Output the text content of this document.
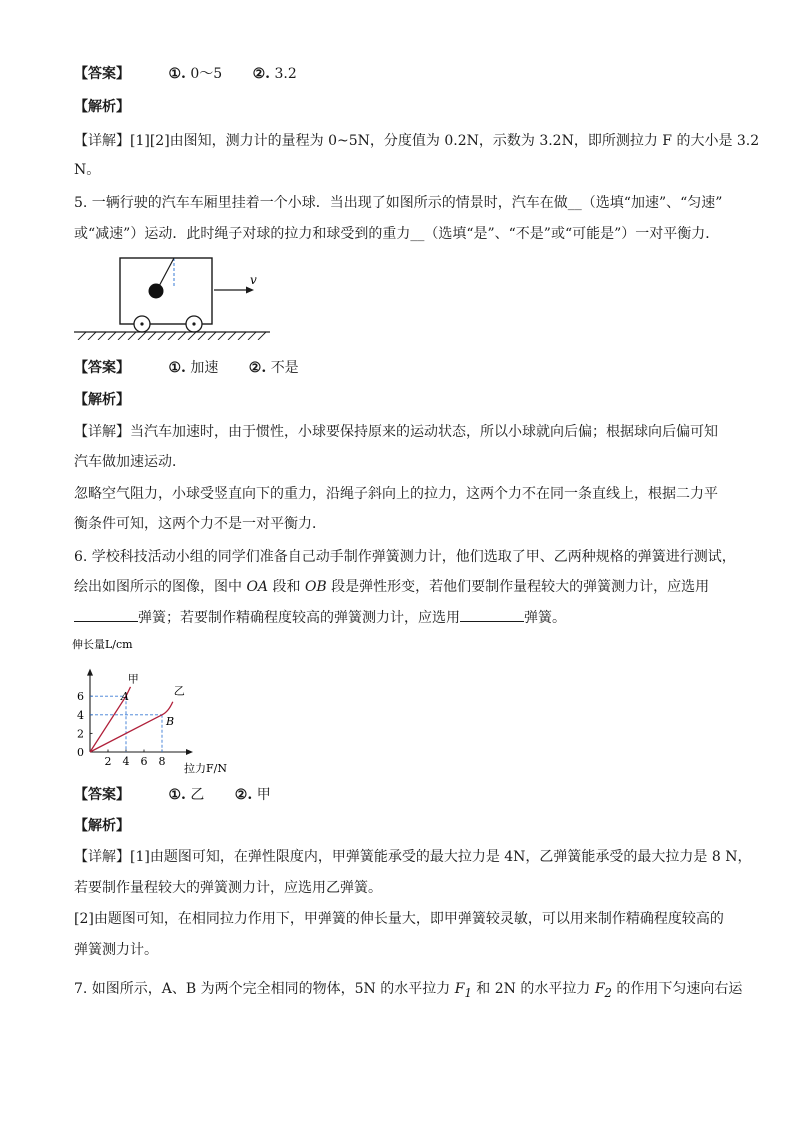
【答案】	①. 0～5 ②. 3.2
【解析】
【详解】[1][2]由图知，测力计的量程为 0~5N，分度值为 0.2N，示数为 3.2N，即所测拉力 F 的大小是 3.2
N。
5. 一辆行驶的汽车车厢里挂着一个小球．当出现了如图所示的情景时，汽车在做__（选填“加速”、“匀速”
或“减速”）运动．此时绳子对球的拉力和球受到的重力__（选填“是”、“不是”或“可能是”）一对平衡力．
v
【答案】	①. 加速 ②. 不是
【解析】
【详解】当汽车加速时，由于惯性，小球要保持原来的运动状态，所以小球就向后偏；根据球向后偏可知
汽车做加速运动．
忽略空气阻力，小球受竖直向下的重力，沿绳子斜向上的拉力，这两个力不在同一条直线上，根据二力平
衡条件可知，这两个力不是一对平衡力．
6. 学校科技活动小组的同学们准备自己动手制作弹簧测力计，他们选取了甲、乙两种规格的弹簧进行测试，
绘出如图所示的图像，图中 OA 段和 OB 段是弹性形变，若他们要制作量程较大的弹簧测力计，应选用
弹簧；若要制作精确程度较高的弹簧测力计，应选用	弹簧。
伸长量L/cm
拉力F/N
甲
A	乙
B
2 4 6 8
0
2
4
6
【答案】	①. 乙 ②. 甲
【解析】
【详解】[1]由题图可知，在弹性限度内，甲弹簧能承受的最大拉力是 4N，乙弹簧能承受的最大拉力是 8 N，
若要制作量程较大的弹簧测力计，应选用乙弹簧。
[2]由题图可知，在相同拉力作用下，甲弹簧的伸长量大，即甲弹簧较灵敏，可以用来制作精确程度较高的
弹簧测力计。
7. 如图所示，A、B 为两个完全相同的物体，5N 的水平拉力 $F_1$ 和 2N 的水平拉力 $F_2$ 的作用下匀速向右运
